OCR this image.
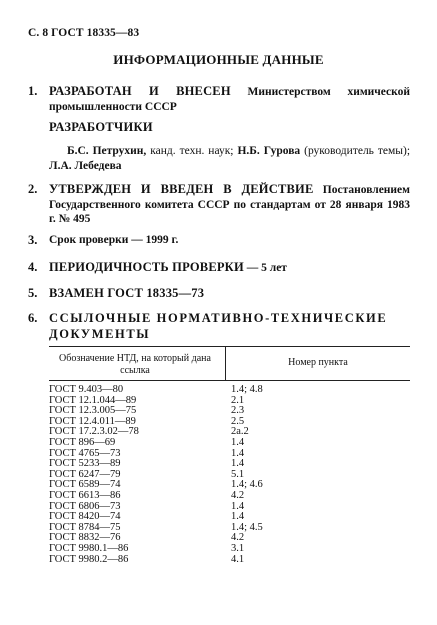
С. 8 ГОСТ 18335—83
ИНФОРМАЦИОННЫЕ ДАННЫЕ
1. РАЗРАБОТАН И ВНЕСЕН Министерством химической промышленности СССР
РАЗРАБОТЧИКИ
Б.С. Петрухин, канд. техн. наук; Н.Б. Гурова (руководитель темы); Л.А. Лебедева
2. УТВЕРЖДЕН И ВВЕДЕН В ДЕЙСТВИЕ Постановлением Государственного комитета СССР по стандартам от 28 января 1983 г. № 495
3. Срок проверки — 1999 г.
4. ПЕРИОДИЧНОСТЬ ПРОВЕРКИ — 5 лет
5. ВЗАМЕН ГОСТ 18335—73
6. ССЫЛОЧНЫЕ НОРМАТИВНО-ТЕХНИЧЕСКИЕ ДОКУМЕНТЫ
Обозначение НТД, на который дана ссылка
Номер пункта
ГОСТ 9.403—80	1.4; 4.8
ГОСТ 12.1.044—89	2.1
ГОСТ 12.3.005—75	2.3
ГОСТ 12.4.011—89	2.5
ГОСТ 17.2.3.02—78	2а.2
ГОСТ 896—69	1.4
ГОСТ 4765—73	1.4
ГОСТ 5233—89	1.4
ГОСТ 6247—79	5.1
ГОСТ 6589—74	1.4; 4.6
ГОСТ 6613—86	4.2
ГОСТ 6806—73	1.4
ГОСТ 8420—74	1.4
ГОСТ 8784—75	1.4; 4.5
ГОСТ 8832—76	4.2
ГОСТ 9980.1—86	3.1
ГОСТ 9980.2—86	4.1
